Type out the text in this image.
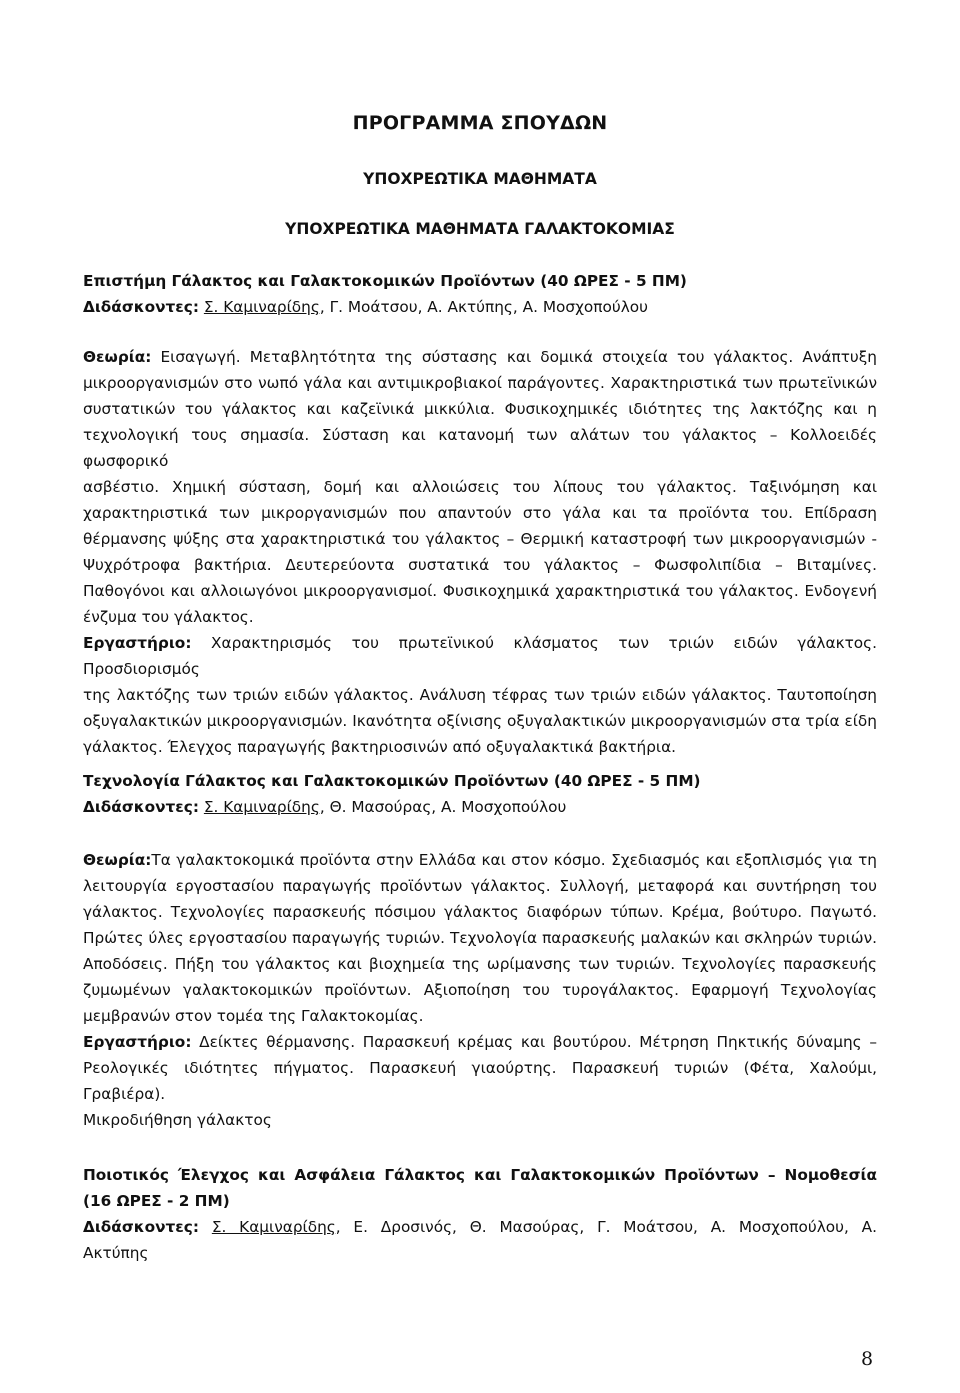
ΠΡΟΓΡΑΜΜΑ ΣΠΟΥΔΩΝ
ΥΠΟΧΡΕΩΤΙΚΑ ΜΑΘΗΜΑΤΑ
ΥΠΟΧΡΕΩΤΙΚΑ ΜΑΘΗΜΑΤΑ ΓΑΛΑΚΤΟΚΟΜΙΑΣ
Επιστήμη Γάλακτος και Γαλακτοκομικών Προϊόντων (40 ΩΡΕΣ - 5 ΠΜ)
Διδάσκοντες: Σ. Καμιναρίδης, Γ. Μοάτσου, Α. Ακτύπης, Α. Μοσχοπούλου
Θεωρία: Εισαγωγή. Μεταβλητότητα της σύστασης και δομικά στοιχεία του γάλακτος. Ανάπτυξη
μικροοργανισμών στο νωπό γάλα και αντιμικροβιακοί παράγοντες. Χαρακτηριστικά των πρωτεϊνικών
συστατικών του γάλακτος και καζεϊνικά μικκύλια. Φυσικοχημικές ιδιότητες της λακτόζης και η
τεχνολογική τους σημασία. Σύσταση και κατανομή των αλάτων του γάλακτος – Κολλοειδές φωσφορικό
ασβέστιο. Χημική σύσταση, δομή και αλλοιώσεις του λίπους του γάλακτος. Ταξινόμηση και
χαρακτηριστικά των μικροργανισμών που απαντούν στο γάλα και τα προϊόντα του. Επίδραση
θέρμανσης ψύξης στα χαρακτηριστικά του γάλακτος – Θερμική καταστροφή των μικροοργανισμών -
Ψυχρότροφα βακτήρια. Δευτερεύοντα συστατικά του γάλακτος – Φωσφολιπίδια – Βιταμίνες.
Παθογόνοι και αλλοιωγόνοι μικροοργανισμοί. Φυσικοχημικά χαρακτηριστικά του γάλακτος. Ενδογενή
ένζυμα του γάλακτος.
Εργαστήριο: Χαρακτηρισμός του πρωτεϊνικού κλάσματος των τριών ειδών γάλακτος. Προσδιορισμός
της λακτόζης των τριών ειδών γάλακτος. Ανάλυση τέφρας των τριών ειδών γάλακτος. Ταυτοποίηση
οξυγαλακτικών μικροοργανισμών. Ικανότητα οξίνισης οξυγαλακτικών μικροοργανισμών στα τρία είδη
γάλακτος. Έλεγχος παραγωγής βακτηριοσινών από οξυγαλακτικά βακτήρια.
Τεχνολογία Γάλακτος και Γαλακτοκομικών Προϊόντων (40 ΩΡΕΣ - 5 ΠΜ)
Διδάσκοντες: Σ. Καμιναρίδης, Θ. Μασούρας, Α. Μοσχοπούλου
Θεωρία:Τα γαλακτοκομικά προϊόντα στην Ελλάδα και στον κόσμο. Σχεδιασμός και εξοπλισμός για τη
λειτουργία εργοστασίου παραγωγής προϊόντων γάλακτος. Συλλογή, μεταφορά και συντήρηση του
γάλακτος. Τεχνολογίες παρασκευής πόσιμου γάλακτος διαφόρων τύπων. Κρέμα, βούτυρο. Παγωτό.
Πρώτες ύλες εργοστασίου παραγωγής τυριών. Τεχνολογία παρασκευής μαλακών και σκληρών τυριών.
Αποδόσεις. Πήξη του γάλακτος και βιοχημεία της ωρίμανσης των τυριών. Τεχνολογίες παρασκευής
ζυμωμένων γαλακτοκομικών προϊόντων. Αξιοποίηση του τυρογάλακτος. Εφαρμογή Τεχνολογίας
μεμβρανών στον τομέα της Γαλακτοκομίας.
Εργαστήριο: Δείκτες θέρμανσης. Παρασκευή κρέμας και βουτύρου. Μέτρηση Πηκτικής δύναμης –
Ρεολογικές ιδιότητες πήγματος. Παρασκευή γιαούρτης. Παρασκευή τυριών (Φέτα, Χαλούμι, Γραβιέρα).
Μικροδιήθηση γάλακτος
Ποιοτικός Έλεγχος και Ασφάλεια Γάλακτος και Γαλακτοκομικών Προϊόντων – Νομοθεσία
(16 ΩΡΕΣ - 2 ΠΜ)
Διδάσκοντες: Σ. Καμιναρίδης, Ε. Δροσινός, Θ. Μασούρας, Γ. Μοάτσου, Α. Μοσχοπούλου, Α.
Ακτύπης
8
